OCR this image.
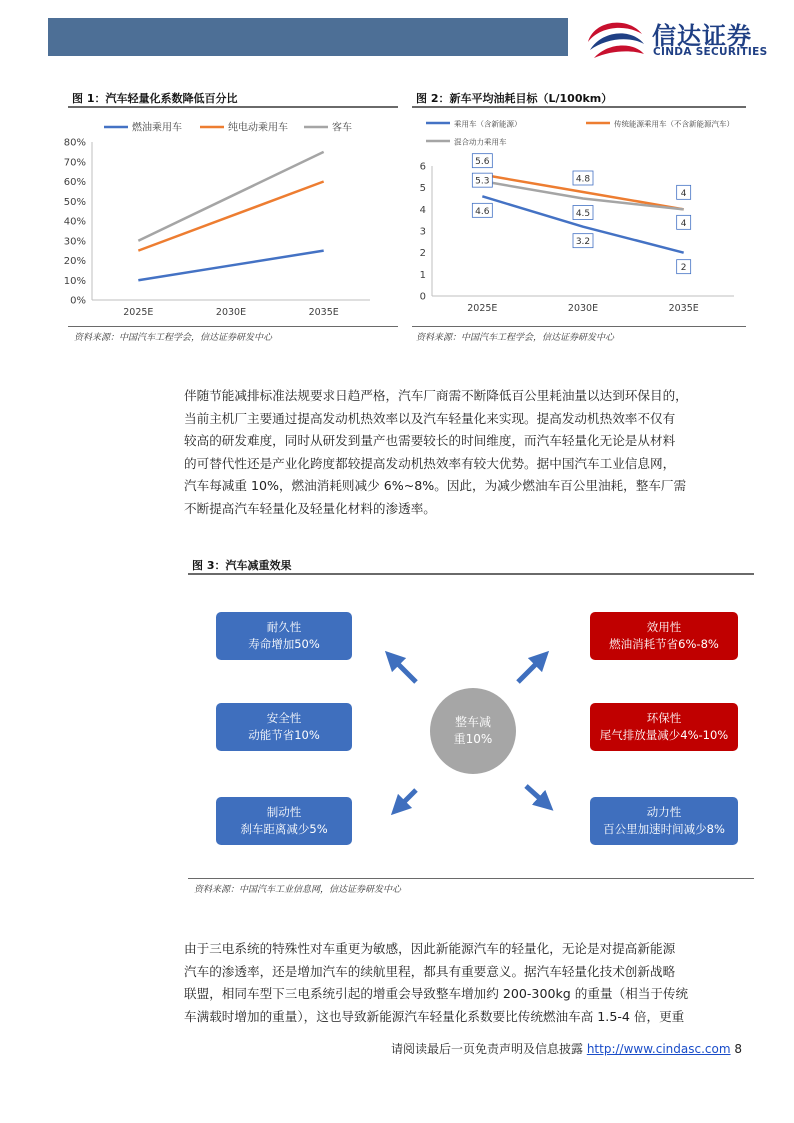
信达证券
CINDA SECURITIES
图 1：汽车轻量化系数降低百分比
0%
10%
20%
30%
40%
50%
60%
70%
80%
2025E	2030E	2035E
燃油乘用车	纯电动乘用车	客车
资料来源：中国汽车工程学会，信达证券研发中心
图 2：新车平均油耗目标（L/100km）
0
1
2
3
4
5
6
2025E	2030E	2035E
乘用车（含新能源）	传统能源乘用车（不含新能源汽车）
混合动力乘用车
5.6
5.3
4.6
4.8
4.5
3.2
4
4
2
资料来源：中国汽车工程学会，信达证券研发中心

伴随节能减排标准法规要求日趋严格，汽车厂商需不断降低百公里耗油量以达到环保目的，

当前主机厂主要通过提高发动机热效率以及汽车轻量化来实现。提高发动机热效率不仅有

较高的研发难度，同时从研发到量产也需要较长的时间维度，而汽车轻量化无论是从材料

的可替代性还是产业化跨度都较提高发动机热效率有较大优势。据中国汽车工业信息网，

汽车每减重 10%，燃油消耗则减少 6%~8%。因此，为减少燃油车百公里油耗，整车厂需

不断提高汽车轻量化及轻量化材料的渗透率。

图 3：汽车减重效果
耐久性
寿命增加50%
安全性
动能节省10%
制动性
刹车距离减少5%
效用性
燃油消耗节省6%-8%
环保性
尾气排放量减少4%-10%
动力性
百公里加速时间减少8%
整车减
重10%
资料来源：中国汽车工业信息网，信达证券研发中心

由于三电系统的特殊性对车重更为敏感，因此新能源汽车的轻量化，无论是对提高新能源

汽车的渗透率，还是增加汽车的续航里程，都具有重要意义。据汽车轻量化技术创新战略

联盟，相同车型下三电系统引起的增重会导致整车增加约 200-300kg 的重量（相当于传统

车满载时增加的重量），这也导致新能源汽车轻量化系数要比传统燃油车高 1.5-4 倍，更重

请阅读最后一页免责声明及信息披露 http://www.cindasc.com 8
